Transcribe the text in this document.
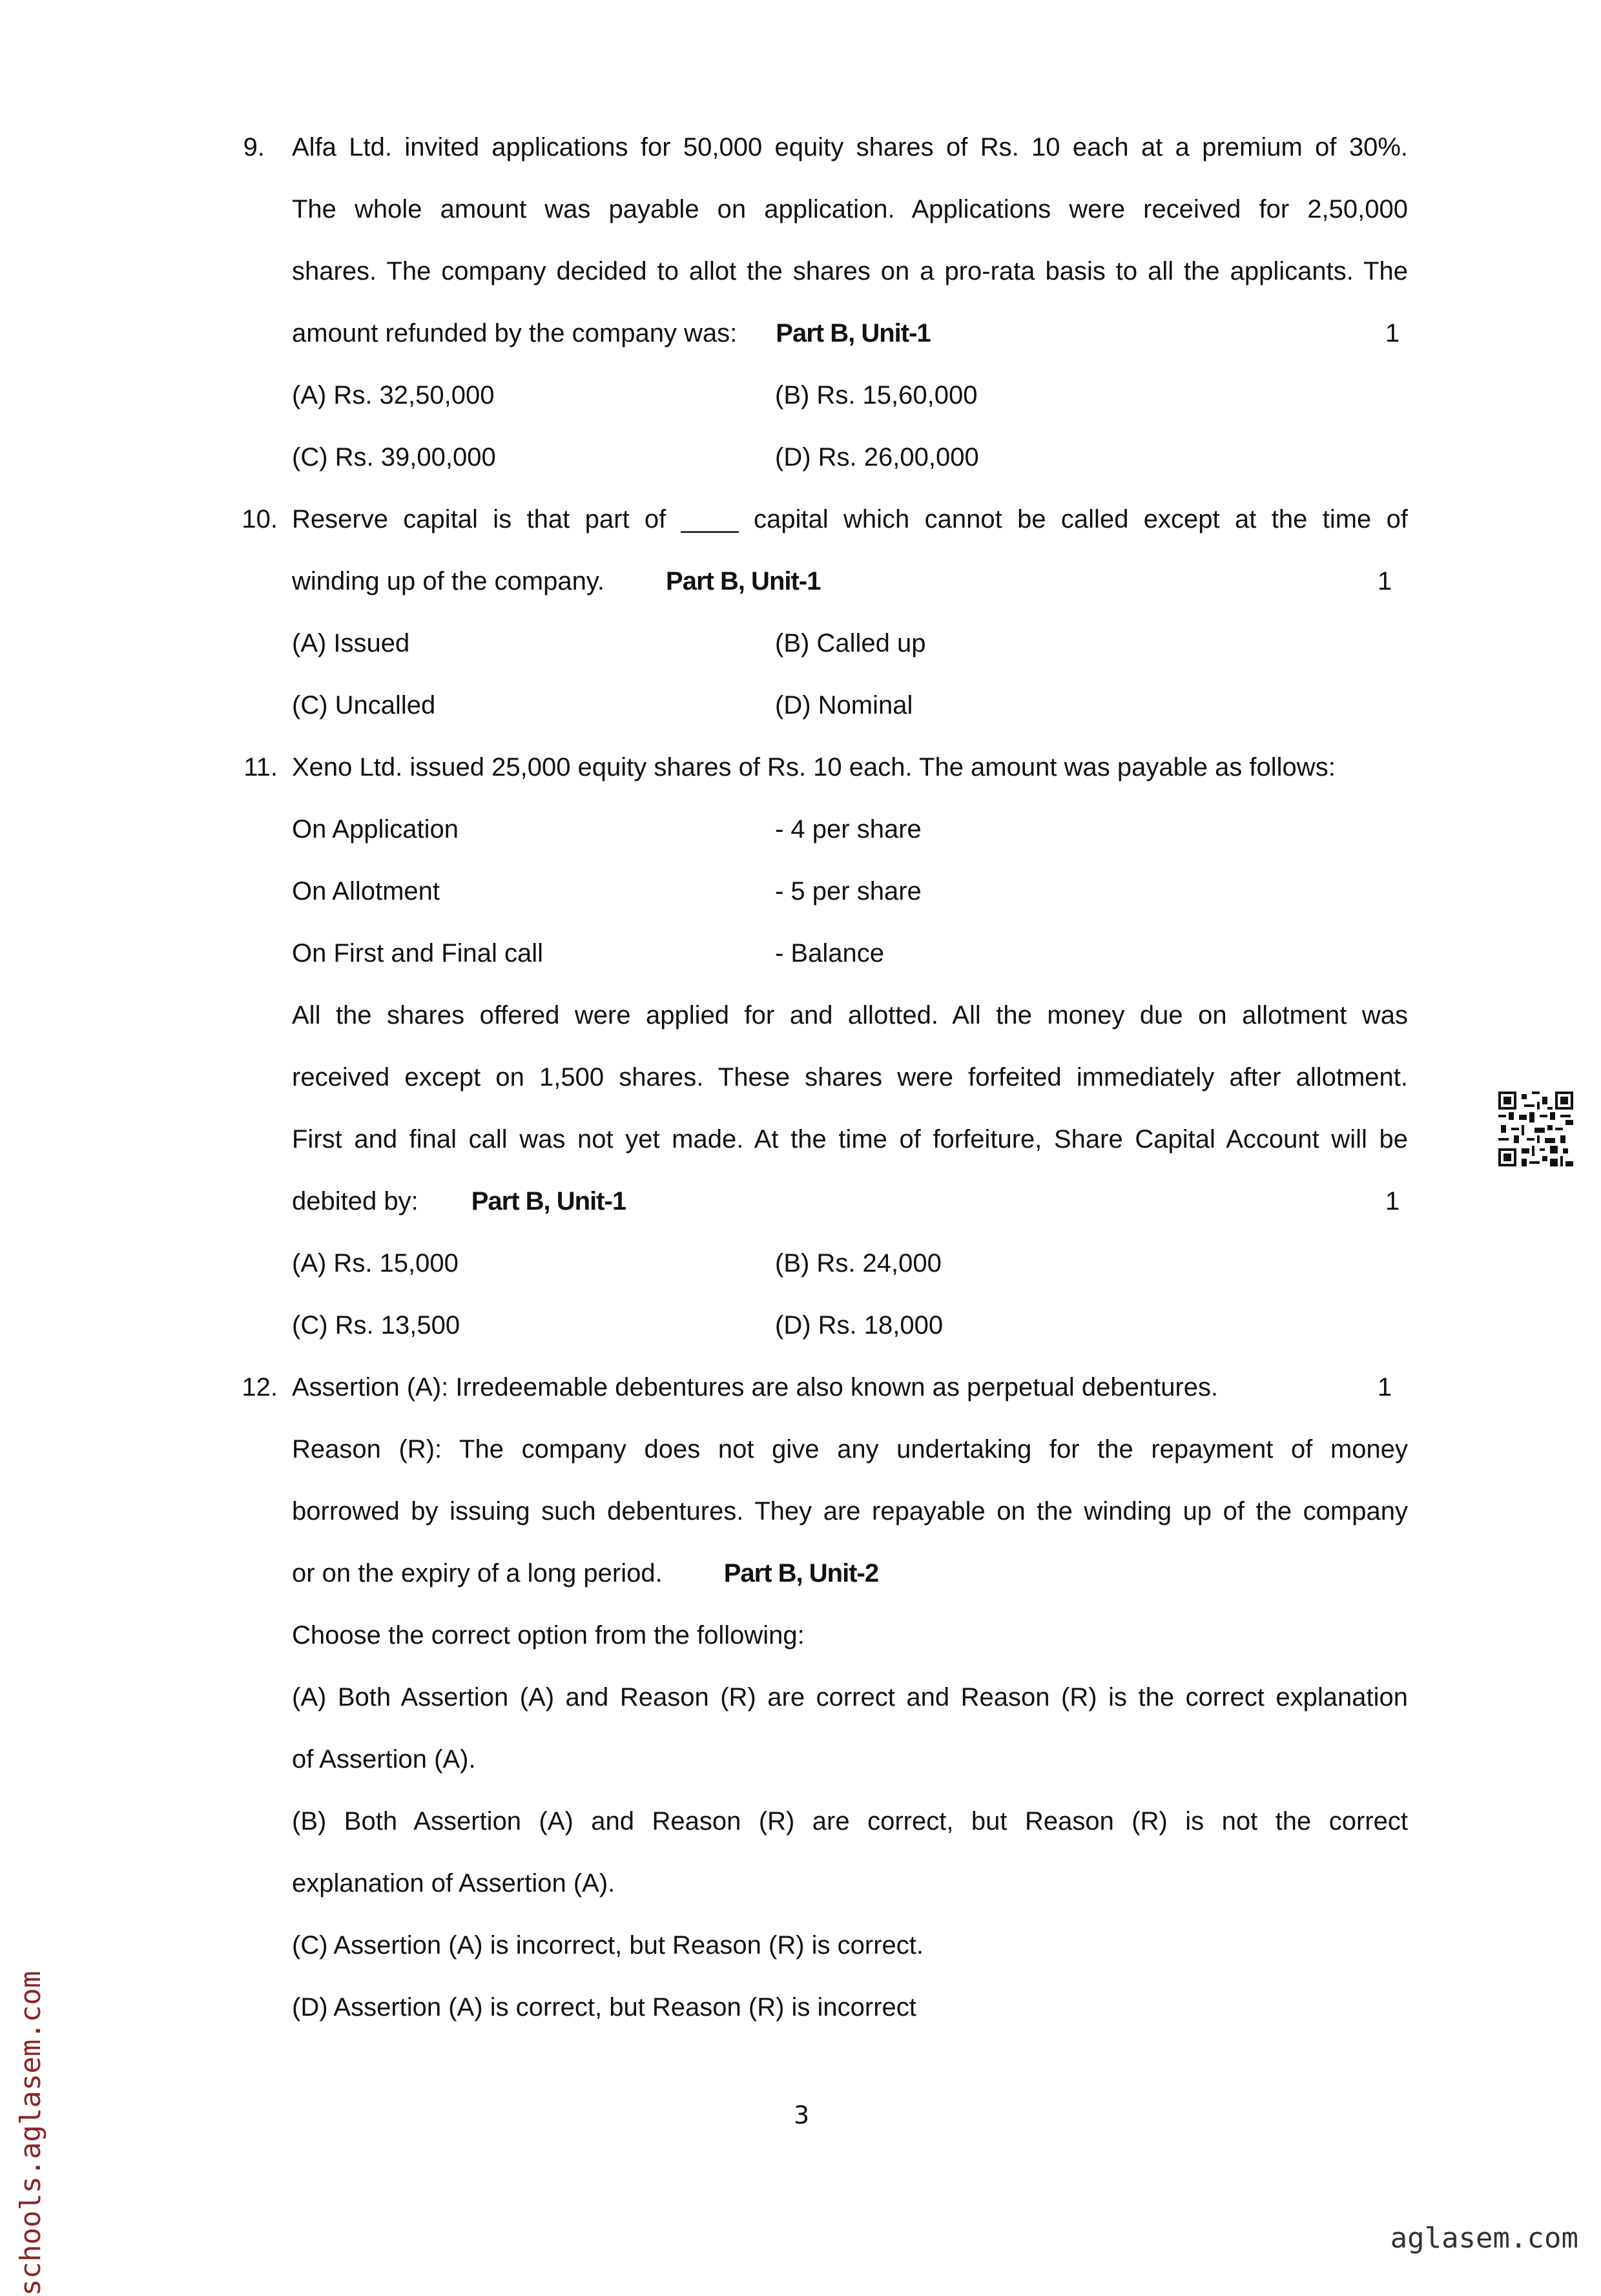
9. Alfa Ltd. invited applications for 50,000 equity shares of Rs. 10 each at a premium of 30%.
The whole amount was payable on application. Applications were received for 2,50,000
shares. The company decided to allot the shares on a pro-rata basis to all the applicants. The
amount refunded by the company was: Part B, Unit-1	1
(A) Rs. 32,50,000	(B) Rs. 15,60,000
(C) Rs. 39,00,000	(D) Rs. 26,00,000
10. Reserve capital is that part of ____ capital which cannot be called except at the time of
winding up of the company. Part B, Unit-1	1
(A) Issued	(B) Called up
(C) Uncalled	(D) Nominal
11. Xeno Ltd. issued 25,000 equity shares of Rs. 10 each. The amount was payable as follows:
On Application	- 4 per share
On Allotment	- 5 per share
On First and Final call	- Balance
All the shares offered were applied for and allotted. All the money due on allotment was
received except on 1,500 shares. These shares were forfeited immediately after allotment.
First and final call was not yet made. At the time of forfeiture, Share Capital Account will be
debited by: Part B, Unit-1	1
(A) Rs. 15,000	(B) Rs. 24,000
(C) Rs. 13,500	(D) Rs. 18,000
12. Assertion (A): Irredeemable debentures are also known as perpetual debentures.	1
Reason (R): The company does not give any undertaking for the repayment of money
borrowed by issuing such debentures. They are repayable on the winding up of the company
or on the expiry of a long period. Part B, Unit-2
Choose the correct option from the following:
(A) Both Assertion (A) and Reason (R) are correct and Reason (R) is the correct explanation
of Assertion (A).
(B) Both Assertion (A) and Reason (R) are correct, but Reason (R) is not the correct
explanation of Assertion (A).
(C) Assertion (A) is incorrect, but Reason (R) is correct.
(D) Assertion (A) is correct, but Reason (R) is incorrect
3
schools.aglasem.com	aglasem.com
